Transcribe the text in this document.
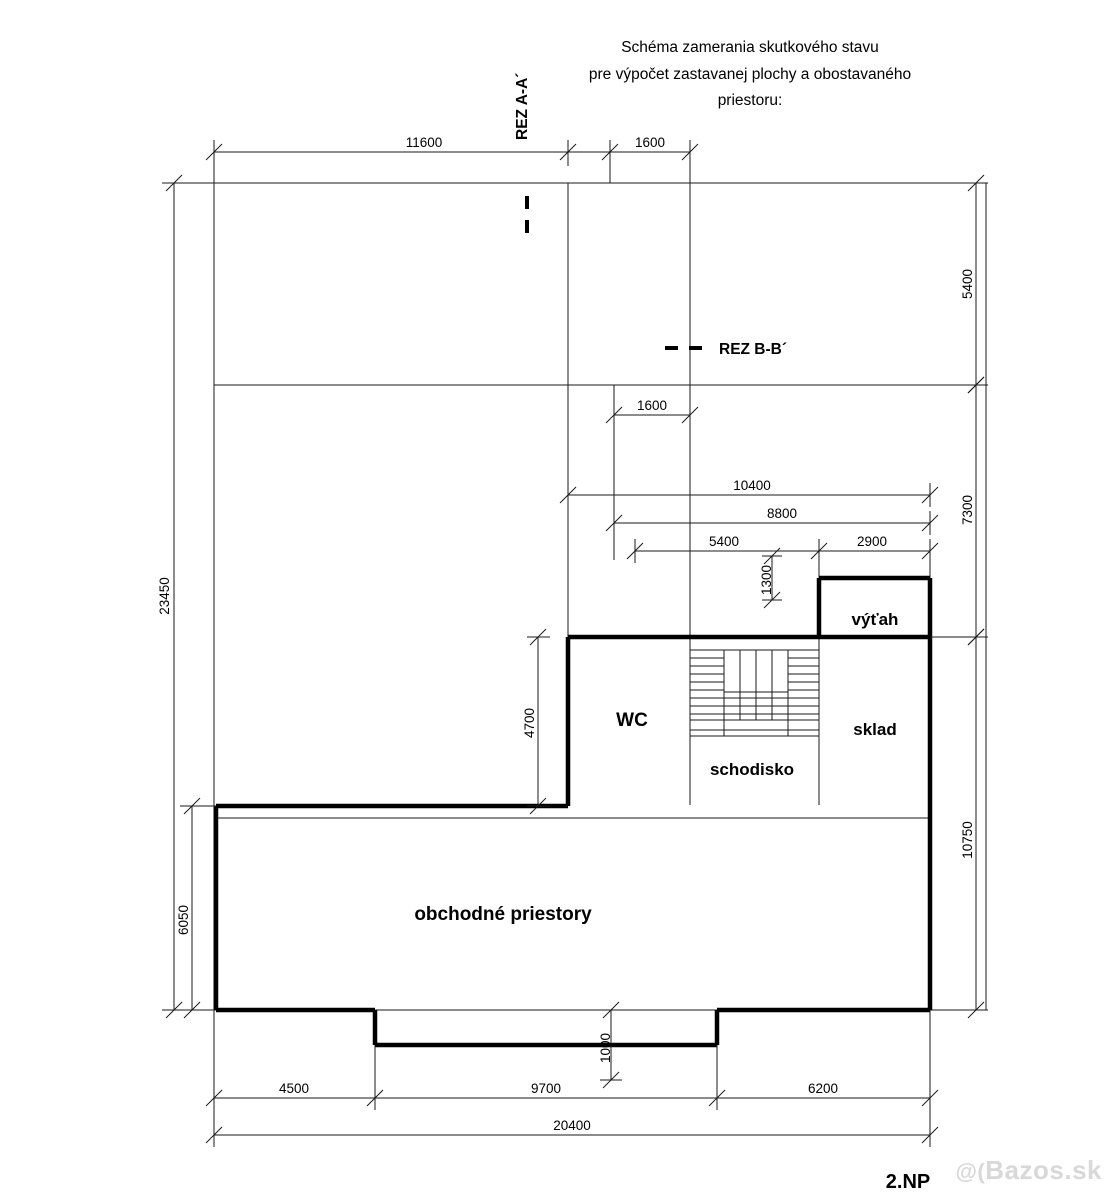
Schéma zamerania skutkového stavu
pre výpočet zastavanej plochy a obostavaného
priestoru:
REZ A-A´
REZ B-B´
WC
schodisko
sklad
výťah
obchodné priestory
11600	1600
1600
10400
8800
5400	2900
1300
23450
6050
5400
7300
10750
4700
4500	9700	6200
1000
20400
2.NP @(Bazos.sk
